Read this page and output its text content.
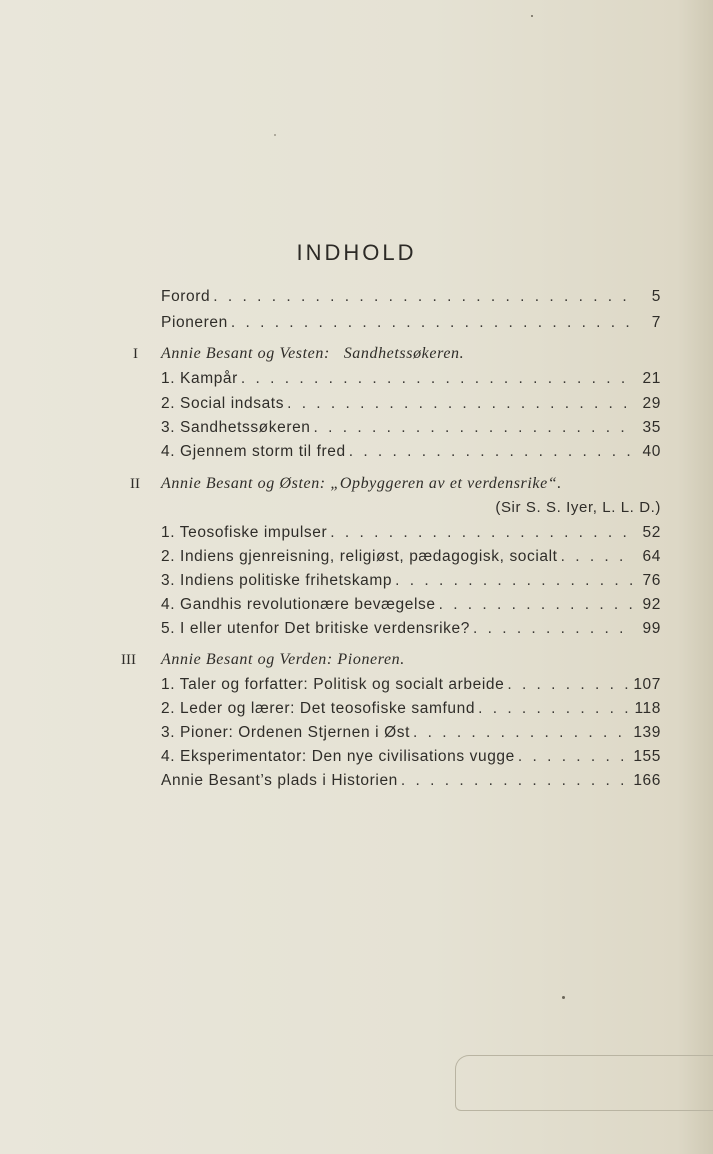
INDHOLD
Forord . . .	5
Pioneren . . .	7
I Annie Besant og Vesten: Sandhetssøkeren.
1. Kampår . . .	21
2. Social indsats . . .	29
3. Sandhetssøkeren . . .	35
4. Gjennem storm til fred . . .	40
II Annie Besant og Østen: „Opbyggeren av et verdensrike“.
(Sir S. S. Iyer, L. L. D.)
1. Teosofiske impulser . . .	52
2. Indiens gjenreisning, religiøst, pædagogisk, socialt . . .	64
3. Indiens politiske frihetskamp . . .	76
4. Gandhis revolutionære bevægelse . . .	92
5. I eller utenfor Det britiske verdensrike? . . .	99
III Annie Besant og Verden: Pioneren.
1. Taler og forfatter: Politisk og socialt arbeide . . .	107
2. Leder og lærer: Det teosofiske samfund . . .	118
3. Pioner: Ordenen Stjernen i Øst . . .	139
4. Eksperimentator: Den nye civilisations vugge . . .	155
Annie Besant’s plads i Historien . . .	166
